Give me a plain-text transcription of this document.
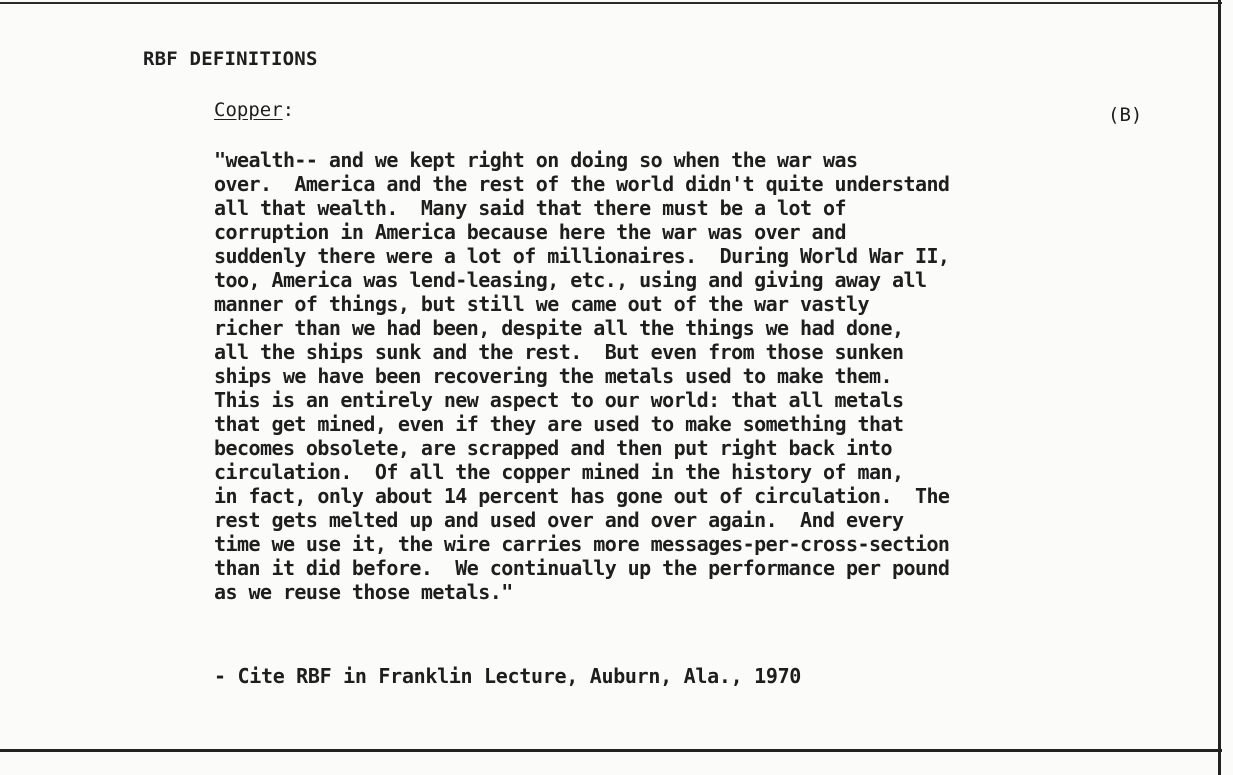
RBF DEFINITIONS
Copper:	(B)
"wealth-- and we kept right on doing so when the war was
over.  America and the rest of the world didn't quite understand
all that wealth.  Many said that there must be a lot of
corruption in America because here the war was over and
suddenly there were a lot of millionaires.  During World War II,
too, America was lend-leasing, etc., using and giving away all
manner of things, but still we came out of the war vastly
richer than we had been, despite all the things we had done,
all the ships sunk and the rest.  But even from those sunken
ships we have been recovering the metals used to make them.
This is an entirely new aspect to our world: that all metals
that get mined, even if they are used to make something that
becomes obsolete, are scrapped and then put right back into
circulation.  Of all the copper mined in the history of man,
in fact, only about 14 percent has gone out of circulation.  The
rest gets melted up and used over and over again.  And every
time we use it, the wire carries more messages-per-cross-section
than it did before.  We continually up the performance per pound
as we reuse those metals."
- Cite RBF in Franklin Lecture, Auburn, Ala., 1970
